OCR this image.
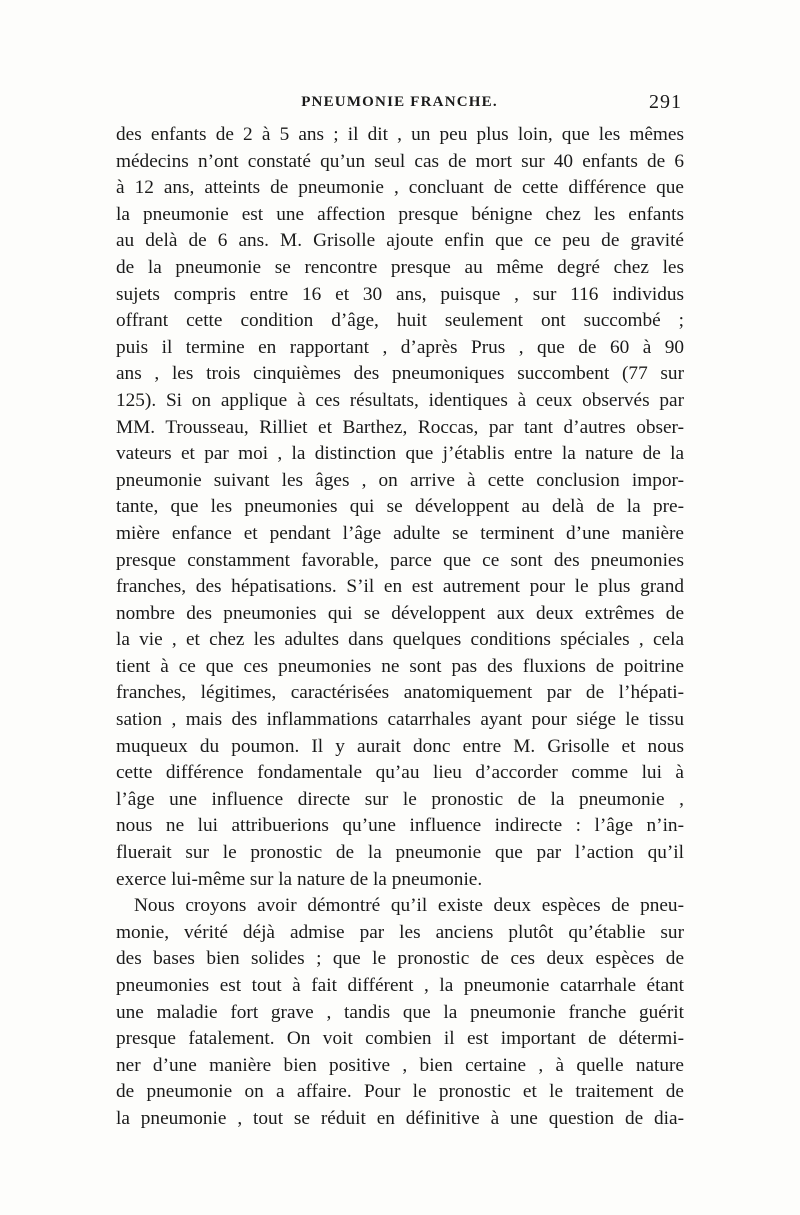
PNEUMONIE FRANCHE.	291
des enfants de 2 à 5 ans ; il dit , un peu plus loin, que les mêmes
médecins n’ont constaté qu’un seul cas de mort sur 40 enfants de 6
à 12 ans, atteints de pneumonie , concluant de cette différence que
la pneumonie est une affection presque bénigne chez les enfants
au delà de 6 ans. M. Grisolle ajoute enfin que ce peu de gravité
de la pneumonie se rencontre presque au même degré chez les
sujets compris entre 16 et 30 ans, puisque , sur 116 individus
offrant cette condition d’âge, huit seulement ont succombé ;
puis il termine en rapportant , d’après Prus , que de 60 à 90
ans , les trois cinquièmes des pneumoniques succombent (77 sur
125). Si on applique à ces résultats, identiques à ceux observés par
MM. Trousseau, Rilliet et Barthez, Roccas, par tant d’autres obser-
vateurs et par moi , la distinction que j’établis entre la nature de la
pneumonie suivant les âges , on arrive à cette conclusion impor-
tante, que les pneumonies qui se développent au delà de la pre-
mière enfance et pendant l’âge adulte se terminent d’une manière
presque constamment favorable, parce que ce sont des pneumonies
franches, des hépatisations. S’il en est autrement pour le plus grand
nombre des pneumonies qui se développent aux deux extrêmes de
la vie , et chez les adultes dans quelques conditions spéciales , cela
tient à ce que ces pneumonies ne sont pas des fluxions de poitrine
franches, légitimes, caractérisées anatomiquement par de l’hépati-
sation , mais des inflammations catarrhales ayant pour siége le tissu
muqueux du poumon. Il y aurait donc entre M. Grisolle et nous
cette différence fondamentale qu’au lieu d’accorder comme lui à
l’âge une influence directe sur le pronostic de la pneumonie ,
nous ne lui attribuerions qu’une influence indirecte : l’âge n’in-
fluerait sur le pronostic de la pneumonie que par l’action qu’il
exerce lui-même sur la nature de la pneumonie.
Nous croyons avoir démontré qu’il existe deux espèces de pneu-
monie, vérité déjà admise par les anciens plutôt qu’établie sur
des bases bien solides ; que le pronostic de ces deux espèces de
pneumonies est tout à fait différent , la pneumonie catarrhale étant
une maladie fort grave , tandis que la pneumonie franche guérit
presque fatalement. On voit combien il est important de détermi-
ner d’une manière bien positive , bien certaine , à quelle nature
de pneumonie on a affaire. Pour le pronostic et le traitement de
la pneumonie , tout se réduit en définitive à une question de dia-
